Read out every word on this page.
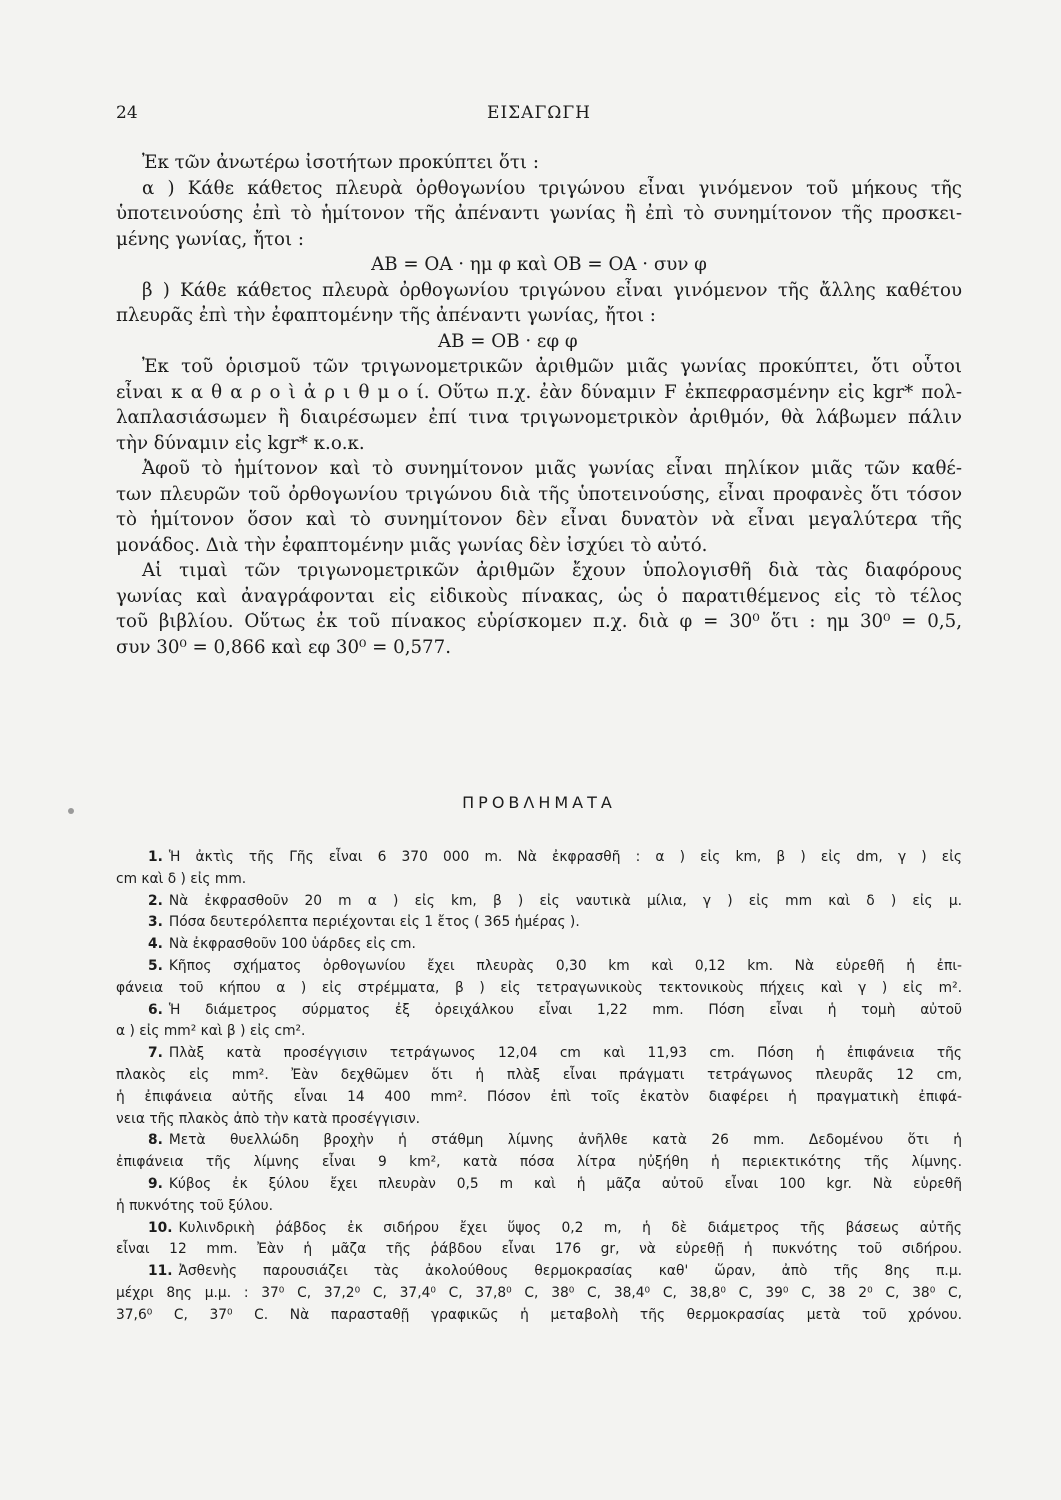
24	ΕΙΣΑΓΩΓΗ
Ἐκ τῶν ἀνωτέρω ἰσοτήτων προκύπτει ὅτι :
α ) Κάθε κάθετος πλευρὰ ὀρθογωνίου τριγώνου εἶναι γινόμενον τοῦ μήκους τῆς
ὑποτεινούσης ἐπὶ τὸ ἡμίτονον τῆς ἀπέναντι γωνίας ἢ ἐπὶ τὸ συνημίτονον τῆς προσκει-
μένης γωνίας, ἤτοι :
ΑΒ = ΟΑ · ημ φ καὶ ΟΒ = ΟΑ · συν φ
β ) Κάθε κάθετος πλευρὰ ὀρθογωνίου τριγώνου εἶναι γινόμενον τῆς ἄλλης καθέτου
πλευρᾶς ἐπὶ τὴν ἐφαπτομένην τῆς ἀπέναντι γωνίας, ἤτοι :
ΑΒ = ΟΒ · εφ φ
Ἐκ τοῦ ὁρισμοῦ τῶν τριγωνομετρικῶν ἀριθμῶν μιᾶς γωνίας προκύπτει, ὅτι οὗτοι
εἶναι κ α θ α ρ ο ὶ ἀ ρ ι θ μ ο ί. Οὕτω π.χ. ἐὰν δύναμιν F ἐκπεφρασμένην εἰς kgr* πολ-
λαπλασιάσωμεν ἢ διαιρέσωμεν ἐπί τινα τριγωνομετρικὸν ἀριθμόν, θὰ λάβωμεν πάλιν
τὴν δύναμιν εἰς kgr* κ.ο.κ.
Ἀφοῦ τὸ ἡμίτονον καὶ τὸ συνημίτονον μιᾶς γωνίας εἶναι πηλίκον μιᾶς τῶν καθέ-
των πλευρῶν τοῦ ὀρθογωνίου τριγώνου διὰ τῆς ὑποτεινούσης, εἶναι προφανὲς ὅτι τόσον
τὸ ἡμίτονον ὅσον καὶ τὸ συνημίτονον δὲν εἶναι δυνατὸν νὰ εἶναι μεγαλύτερα τῆς
μονάδος. Διὰ τὴν ἐφαπτομένην μιᾶς γωνίας δὲν ἰσχύει τὸ αὐτό.
Αἱ τιμαὶ τῶν τριγωνομετρικῶν ἀριθμῶν ἔχουν ὑπολογισθῆ διὰ τὰς διαφόρους
γωνίας καὶ ἀναγράφονται εἰς εἰδικοὺς πίνακας, ὡς ὁ παρατιθέμενος εἰς τὸ τέλος
τοῦ βιβλίου. Οὕτως ἐκ τοῦ πίνακος εὑρίσκομεν π.χ. διὰ φ = 30⁰ ὅτι : ημ 30⁰ = 0,5,
συν 30⁰ = 0,866 καὶ εφ 30⁰ = 0,577.
ΠΡΟΒΛΗΜΑΤΑ
1. Ἡ ἀκτὶς τῆς Γῆς εἶναι 6 370 000 m. Νὰ ἐκφρασθῆ : α ) εἰς km, β ) εἰς dm, γ ) εἰς
cm καὶ δ ) εἰς mm.
2. Νὰ ἐκφρασθοῦν 20 m α ) εἰς km, β ) εἰς ναυτικὰ μίλια, γ ) εἰς mm καὶ δ ) εἰς μ.
3. Πόσα δευτερόλεπτα περιέχονται εἰς 1 ἔτος ( 365 ἡμέρας ).
4. Νὰ ἐκφρασθοῦν 100 ὑάρδες εἰς cm.
5. Κῆπος σχήματος ὀρθογωνίου ἔχει πλευρὰς 0,30 km καὶ 0,12 km. Νὰ εὑρεθῆ ἡ ἐπι-
φάνεια τοῦ κήπου α ) εἰς στρέμματα, β ) εἰς τετραγωνικοὺς τεκτονικοὺς πήχεις καὶ γ ) εἰς m².
6. Ἡ διάμετρος σύρματος ἐξ ὀρειχάλκου εἶναι 1,22 mm. Πόση εἶναι ἡ τομὴ αὐτοῦ
α ) εἰς mm² καὶ β ) εἰς cm².
7. Πλὰξ κατὰ προσέγγισιν τετράγωνος 12,04 cm καὶ 11,93 cm. Πόση ἡ ἐπιφάνεια τῆς
πλακὸς εἰς mm². Ἐὰν δεχθῶμεν ὅτι ἡ πλὰξ εἶναι πράγματι τετράγωνος πλευρᾶς 12 cm,
ἡ ἐπιφάνεια αὐτῆς εἶναι 14 400 mm². Πόσον ἐπὶ τοῖς ἑκατὸν διαφέρει ἡ πραγματικὴ ἐπιφά-
νεια τῆς πλακὸς ἀπὸ τὴν κατὰ προσέγγισιν.
8. Μετὰ θυελλώδη βροχὴν ἡ στάθμη λίμνης ἀνῆλθε κατὰ 26 mm. Δεδομένου ὅτι ἡ
ἐπιφάνεια τῆς λίμνης εἶναι 9 km², κατὰ πόσα λίτρα ηὐξήθη ἡ περιεκτικότης τῆς λίμνης.
9. Κύβος ἐκ ξύλου ἔχει πλευρὰν 0,5 m καὶ ἡ μᾶζα αὐτοῦ εἶναι 100 kgr. Νὰ εὑρεθῆ
ἡ πυκνότης τοῦ ξύλου.
10. Κυλινδρικὴ ῥάβδος ἐκ σιδήρου ἔχει ὕψος 0,2 m, ἡ δὲ διάμετρος τῆς βάσεως αὐτῆς
εἶναι 12 mm. Ἐὰν ἡ μᾶζα τῆς ῥάβδου εἶναι 176 gr, νὰ εὑρεθῇ ἡ πυκνότης τοῦ σιδήρου.
11. Ἀσθενὴς παρουσιάζει τὰς ἀκολούθους θερμοκρασίας καθ' ὥραν, ἀπὸ τῆς 8ης π.μ.
μέχρι 8ης μ.μ. : 37⁰ C, 37,2⁰ C, 37,4⁰ C, 37,8⁰ C, 38⁰ C, 38,4⁰ C, 38,8⁰ C, 39⁰ C, 38 2⁰ C, 38⁰ C,
37,6⁰ C, 37⁰ C. Νὰ παρασταθῇ γραφικῶς ἡ μεταβολὴ τῆς θερμοκρασίας μετὰ τοῦ χρόνου.
